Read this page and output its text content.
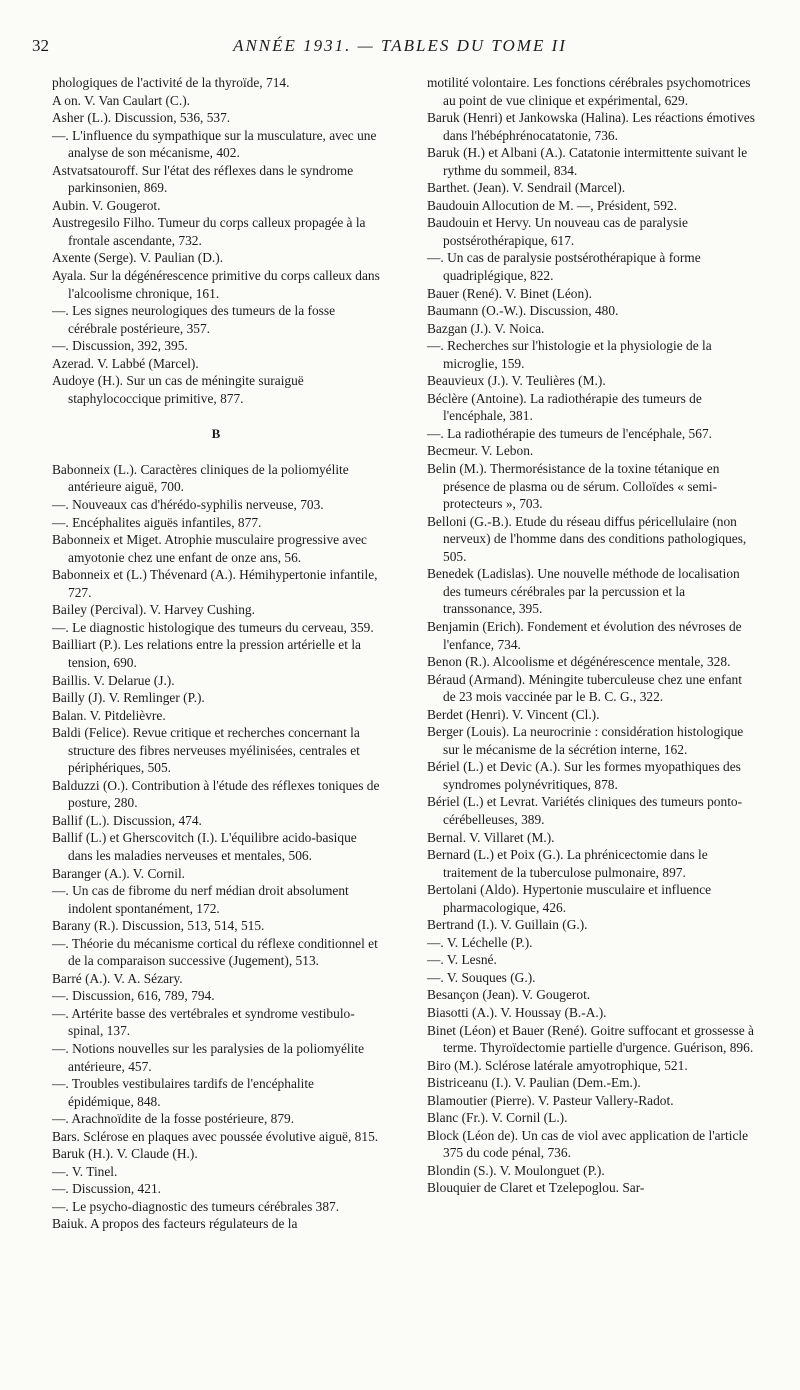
32	ANNÉE 1931. — TABLES DU TOME II

phologiques de l'activité de la thyroïde, 714.

A on. V. Van Caulart (C.).

Asher (L.). Discussion, 536, 537.

—. L'influence du sympathique sur la musculature, avec une analyse de son mécanisme, 402.

Astvatsatouroff. Sur l'état des réflexes dans le syndrome parkinsonien, 869.

Aubin. V. Gougerot.

Austregesilo Filho. Tumeur du corps calleux propagée à la frontale ascendante, 732.

Axente (Serge). V. Paulian (D.).

Ayala. Sur la dégénérescence primitive du corps calleux dans l'alcoolisme chronique, 161.

—. Les signes neurologiques des tumeurs de la fosse cérébrale postérieure, 357.

—. Discussion, 392, 395.

Azerad. V. Labbé (Marcel).

Audoye (H.). Sur un cas de méningite suraiguë staphylococcique primitive, 877.

B

Babonneix (L.). Caractères cliniques de la poliomyélite antérieure aiguë, 700.

—. Nouveaux cas d'hérédo-syphilis nerveuse, 703.

—. Encéphalites aiguës infantiles, 877.

Babonneix et Miget. Atrophie musculaire progressive avec amyotonie chez une enfant de onze ans, 56.

Babonneix et (L.) Thévenard (A.). Hémihypertonie infantile, 727.

Bailey (Percival). V. Harvey Cushing.

—. Le diagnostic histologique des tumeurs du cerveau, 359.

Bailliart (P.). Les relations entre la pression artérielle et la tension, 690.

Baillis. V. Delarue (J.).

Bailly (J). V. Remlinger (P.).

Balan. V. Pitdelièvre.

Baldi (Felice). Revue critique et recherches concernant la structure des fibres nerveuses myélinisées, centrales et périphériques, 505.

Balduzzi (O.). Contribution à l'étude des réflexes toniques de posture, 280.

Ballif (L.). Discussion, 474.

Ballif (L.) et Gherscovitch (I.). L'équilibre acido-basique dans les maladies nerveuses et mentales, 506.

Baranger (A.). V. Cornil.

—. Un cas de fibrome du nerf médian droit absolument indolent spontanément, 172.

Barany (R.). Discussion, 513, 514, 515.

—. Théorie du mécanisme cortical du réflexe conditionnel et de la comparaison successive (Jugement), 513.

Barré (A.). V. A. Sézary.

—. Discussion, 616, 789, 794.

—. Artérite basse des vertébrales et syndrome vestibulo-spinal, 137.

—. Notions nouvelles sur les paralysies de la poliomyélite antérieure, 457.

—. Troubles vestibulaires tardifs de l'encéphalite épidémique, 848.

—. Arachnoïdite de la fosse postérieure, 879.

Bars. Sclérose en plaques avec poussée évolutive aiguë, 815.

Baruk (H.). V. Claude (H.).

—. V. Tinel.

—. Discussion, 421.

—. Le psycho-diagnostic des tumeurs cérébrales 387.

Baiuk. A propos des facteurs régulateurs de la

motilité volontaire. Les fonctions cérébrales psychomotrices au point de vue clinique et expérimental, 629.

Baruk (Henri) et Jankowska (Halina). Les réactions émotives dans l'hébéphrénocatatonie, 736.

Baruk (H.) et Albani (A.). Catatonie intermittente suivant le rythme du sommeil, 834.

Barthet. (Jean). V. Sendrail (Marcel).

Baudouin Allocution de M. —, Président, 592.

Baudouin et Hervy. Un nouveau cas de paralysie postsérothérapique, 617.

—. Un cas de paralysie postsérothérapique à forme quadriplégique, 822.

Bauer (René). V. Binet (Léon).

Baumann (O.-W.). Discussion, 480.

Bazgan (J.). V. Noica.

—. Recherches sur l'histologie et la physiologie de la microglie, 159.

Beauvieux (J.). V. Teulières (M.).

Béclère (Antoine). La radiothérapie des tumeurs de l'encéphale, 381.

—. La radiothérapie des tumeurs de l'encéphale, 567.

Becmeur. V. Lebon.

Belin (M.). Thermorésistance de la toxine tétanique en présence de plasma ou de sérum. Colloïdes « semi-protecteurs », 703.

Belloni (G.-B.). Etude du réseau diffus péricellulaire (non nerveux) de l'homme dans des conditions pathologiques, 505.

Benedek (Ladislas). Une nouvelle méthode de localisation des tumeurs cérébrales par la percussion et la transsonance, 395.

Benjamin (Erich). Fondement et évolution des névroses de l'enfance, 734.

Benon (R.). Alcoolisme et dégénérescence mentale, 328.

Béraud (Armand). Méningite tuberculeuse chez une enfant de 23 mois vaccinée par le B. C. G., 322.

Berdet (Henri). V. Vincent (Cl.).

Berger (Louis). La neurocrinie : considération histologique sur le mécanisme de la sécrétion interne, 162.

Bériel (L.) et Devic (A.). Sur les formes myopathiques des syndromes polynévritiques, 878.

Bériel (L.) et Levrat. Variétés cliniques des tumeurs ponto-cérébelleuses, 389.

Bernal. V. Villaret (M.).

Bernard (L.) et Poix (G.). La phrénicectomie dans le traitement de la tuberculose pulmonaire, 897.

Bertolani (Aldo). Hypertonie musculaire et influence pharmacologique, 426.

Bertrand (I.). V. Guillain (G.).

—. V. Léchelle (P.).

—. V. Lesné.

—. V. Souques (G.).

Besançon (Jean). V. Gougerot.

Biasotti (A.). V. Houssay (B.-A.).

Binet (Léon) et Bauer (René). Goitre suffocant et grossesse à terme. Thyroïdectomie partielle d'urgence. Guérison, 896.

Biro (M.). Sclérose latérale amyotrophique, 521.

Bistriceanu (I.). V. Paulian (Dem.-Em.).

Blamoutier (Pierre). V. Pasteur Vallery-Radot.

Blanc (Fr.). V. Cornil (L.).

Block (Léon de). Un cas de viol avec application de l'article 375 du code pénal, 736.

Blondin (S.). V. Moulonguet (P.).

Blouquier de Claret et Tzelepoglou. Sar-
